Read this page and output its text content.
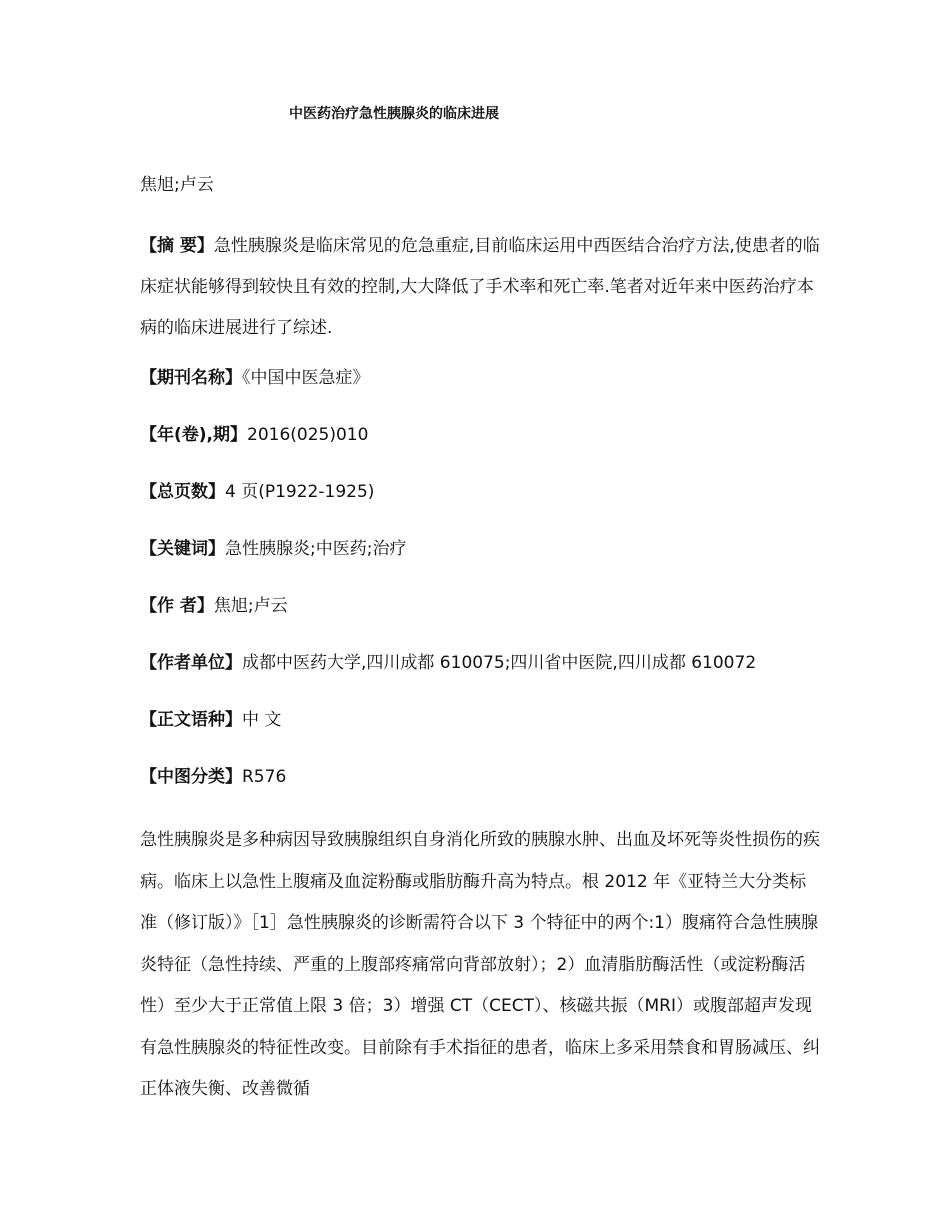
中医药治疗急性胰腺炎的临床进展
焦旭;卢云
【摘 要】急性胰腺炎是临床常见的危急重症,目前临床运用中西医结合治疗方法,使患者的临床症状能够得到较快且有效的控制,大大降低了手术率和死亡率.笔者对近年来中医药治疗本病的临床进展进行了综述.
【期刊名称】《中国中医急症》
【年(卷),期】2016(025)010
【总页数】4 页(P1922-1925)
【关键词】急性胰腺炎;中医药;治疗
【作 者】焦旭;卢云
【作者单位】成都中医药大学,四川成都 610075;四川省中医院,四川成都 610072
【正文语种】中 文
【中图分类】R576
急性胰腺炎是多种病因导致胰腺组织自身消化所致的胰腺水肿、出血及坏死等炎性损伤的疾病。临床上以急性上腹痛及血淀粉酶或脂肪酶升高为特点。根 2012 年《亚特兰大分类标准（修订版）》［1］急性胰腺炎的诊断需符合以下 3 个特征中的两个:1）腹痛符合急性胰腺炎特征（急性持续、严重的上腹部疼痛常向背部放射）；2）血清脂肪酶活性（或淀粉酶活性）至少大于正常值上限 3 倍；3）增强 CT（CECT）、核磁共振（MRI）或腹部超声发现有急性胰腺炎的特征性改变。目前除有手术指征的患者，临床上多采用禁食和胃肠减压、纠正体液失衡、改善微循
